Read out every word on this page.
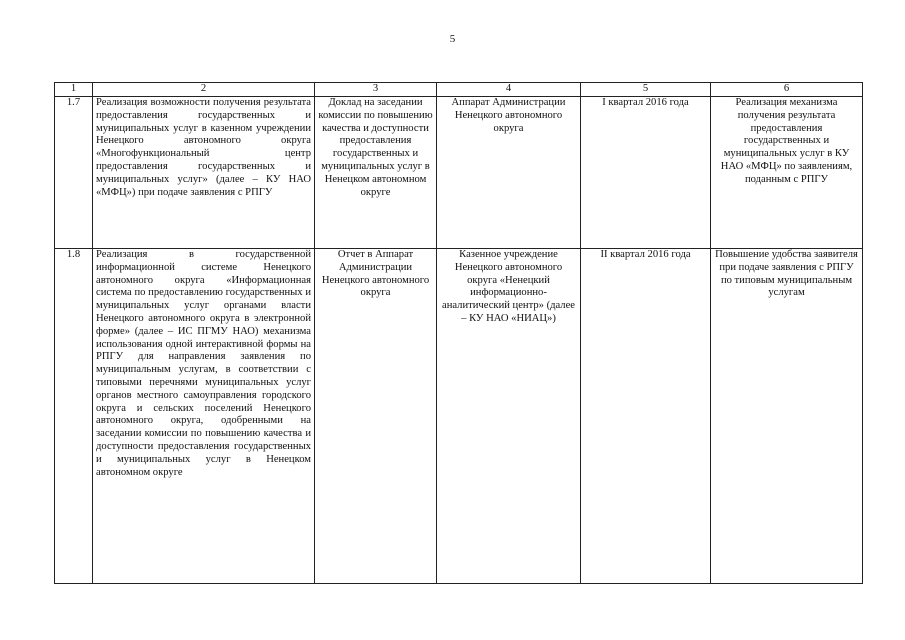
5
1	2	3	4	5	6
1.7	Реализация возможности получения результата предоставления государственных и муниципальных услуг в казенном учреждении Ненецкого автономного округа «Многофункциональный центр предоставления государственных и муниципальных услуг» (далее – КУ НАО «МФЦ») при подаче заявления с РПГУ	Доклад на заседании комиссии по повышению качества и доступности предоставления государственных и муниципальных услуг в Ненецком автономном округе	Аппарат Администрации Ненецкого автономного округа	I квартал 2016 года	Реализация механизма получения результата предоставления государственных и муниципальных услуг в КУ НАО «МФЦ» по заявлениям, поданным с РПГУ
1.8	Реализация в государственной информационной системе Ненецкого автономного округа «Информационная система по предоставлению государственных и муниципальных услуг органами власти Ненецкого автономного округа в электронной форме» (далее – ИС ПГМУ НАО) механизма использования одной интерактивной формы на РПГУ для направления заявления по муниципальным услугам, в соответствии с типовыми перечнями муниципальных услуг органов местного самоуправления городского округа и сельских поселений Ненецкого автономного округа, одобренными на заседании комиссии по повышению качества и доступности предоставления государственных и муниципальных услуг в Ненецком автономном округе	Отчет в Аппарат Администрации Ненецкого автономного округа	Казенное учреждение Ненецкого автономного округа «Ненецкий информационно-аналитический центр» (далее – КУ НАО «НИАЦ»)	II квартал 2016 года	Повышение удобства заявителя при подаче заявления с РПГУ по типовым муниципальным услугам
